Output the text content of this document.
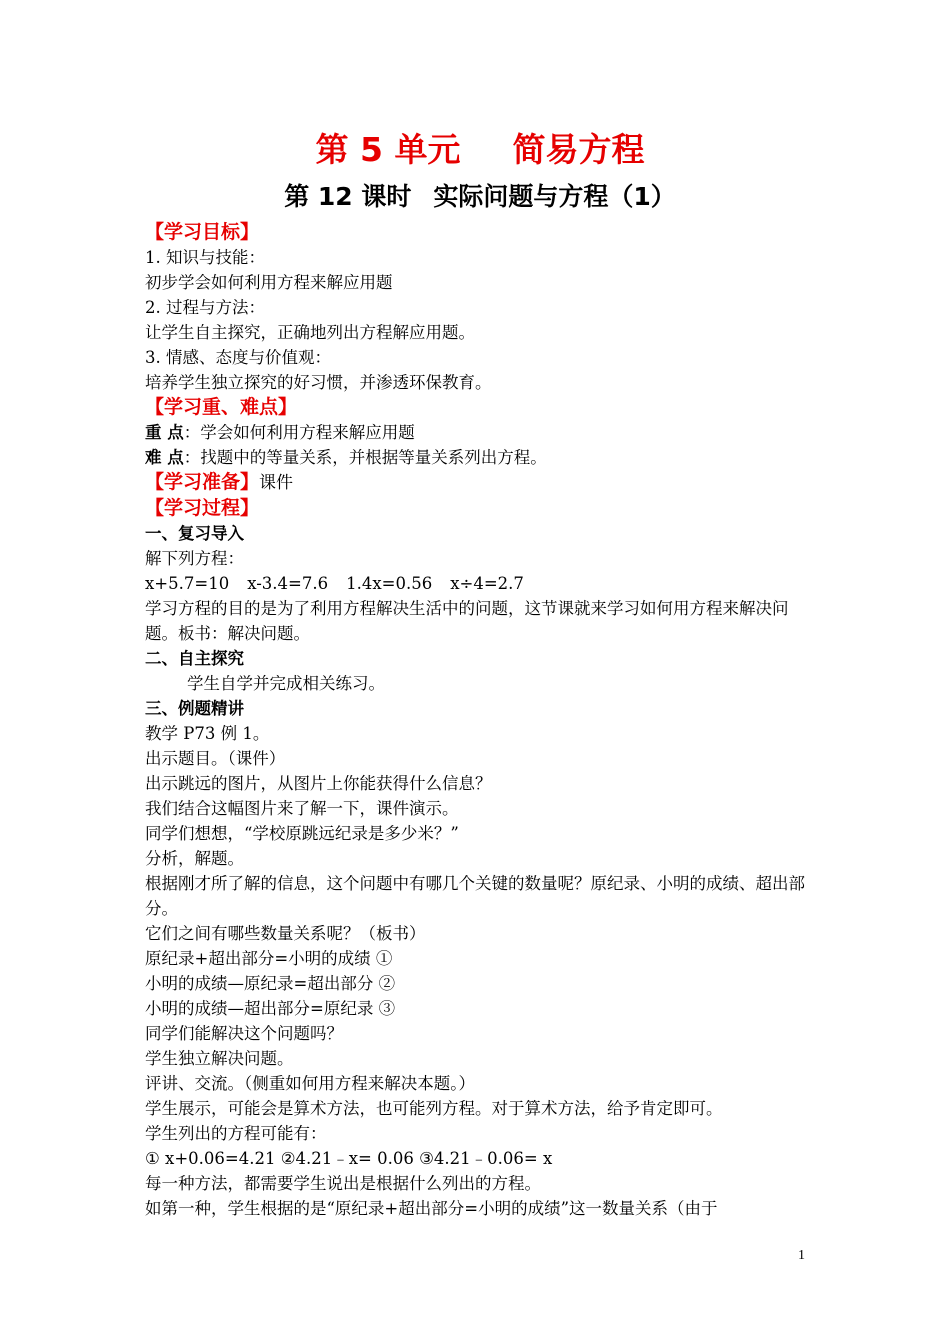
第 5 单元 简易方程

第 12 课时 实际问题与方程（1）

【学习目标】

1. 知识与技能：

初步学会如何利用方程来解应用题

2. 过程与方法：

让学生自主探究，正确地列出方程解应用题。

3. 情感、态度与价值观：

培养学生独立探究的好习惯，并渗透环保教育。

【学习重、难点】

重 点：学会如何利用方程来解应用题

难 点：找题中的等量关系，并根据等量关系列出方程。

【学习准备】课件

【学习过程】

一、复习导入

解下列方程：

x+5.7=10 x-3.4=7.6 1.4x=0.56 x÷4=2.7

学习方程的目的是为了利用方程解决生活中的问题，这节课就来学习如何用方程来解决问题。板书：解决问题。

二、自主探究

学生自学并完成相关练习。

三、例题精讲

教学 P73 例 1。

出示题目。（课件）

出示跳远的图片，从图片上你能获得什么信息？

我们结合这幅图片来了解一下，课件演示。

同学们想想，“学校原跳远纪录是多少米？”

分析，解题。

根据刚才所了解的信息，这个问题中有哪几个关键的数量呢？原纪录、小明的成绩、超出部分。

它们之间有哪些数量关系呢？（板书）

原纪录+超出部分=小明的成绩 ①

小明的成绩—原纪录=超出部分 ②

小明的成绩—超出部分=原纪录 ③

同学们能解决这个问题吗？

学生独立解决问题。

评讲、交流。（侧重如何用方程来解决本题。）

学生展示，可能会是算术方法，也可能列方程。对于算术方法，给予肯定即可。

学生列出的方程可能有：

① x+0.06=4.21 ②4.21﹣x= 0.06 ③4.21﹣0.06= x

每一种方法，都需要学生说出是根据什么列出的方程。

如第一种，学生根据的是“原纪录+超出部分=小明的成绩”这一数量关系（由于

1
